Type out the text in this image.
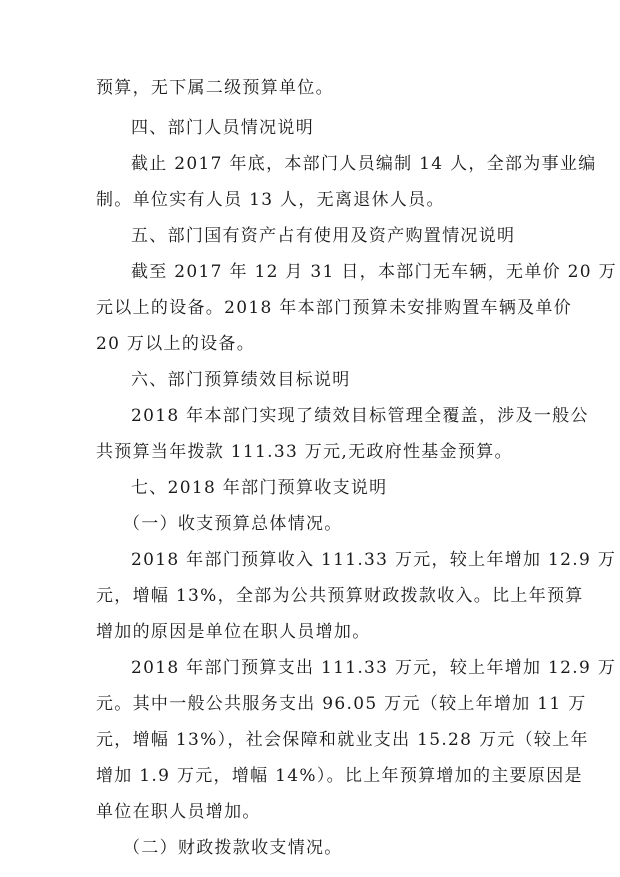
预算，无下属二级预算单位。
四、部门人员情况说明
截止 2017 年底，本部门人员编制 14 人，全部为事业编
制。单位实有人员 13 人，无离退休人员。
五、部门国有资产占有使用及资产购置情况说明
截至 2017 年 12 月 31 日，本部门无车辆，无单价 20 万
元以上的设备。2018 年本部门预算未安排购置车辆及单价
20 万以上的设备。
六、部门预算绩效目标说明
2018 年本部门实现了绩效目标管理全覆盖，涉及一般公
共预算当年拨款 111.33 万元,无政府性基金预算。
七、2018 年部门预算收支说明
（一）收支预算总体情况。
2018 年部门预算收入 111.33 万元，较上年增加 12.9 万
元，增幅 13%，全部为公共预算财政拨款收入。比上年预算
增加的原因是单位在职人员增加。
2018 年部门预算支出 111.33 万元，较上年增加 12.9 万
元。其中一般公共服务支出 96.05 万元（较上年增加 11 万
元，增幅 13%），社会保障和就业支出 15.28 万元（较上年
增加 1.9 万元，增幅 14%）。比上年预算增加的主要原因是
单位在职人员增加。
（二）财政拨款收支情况。
